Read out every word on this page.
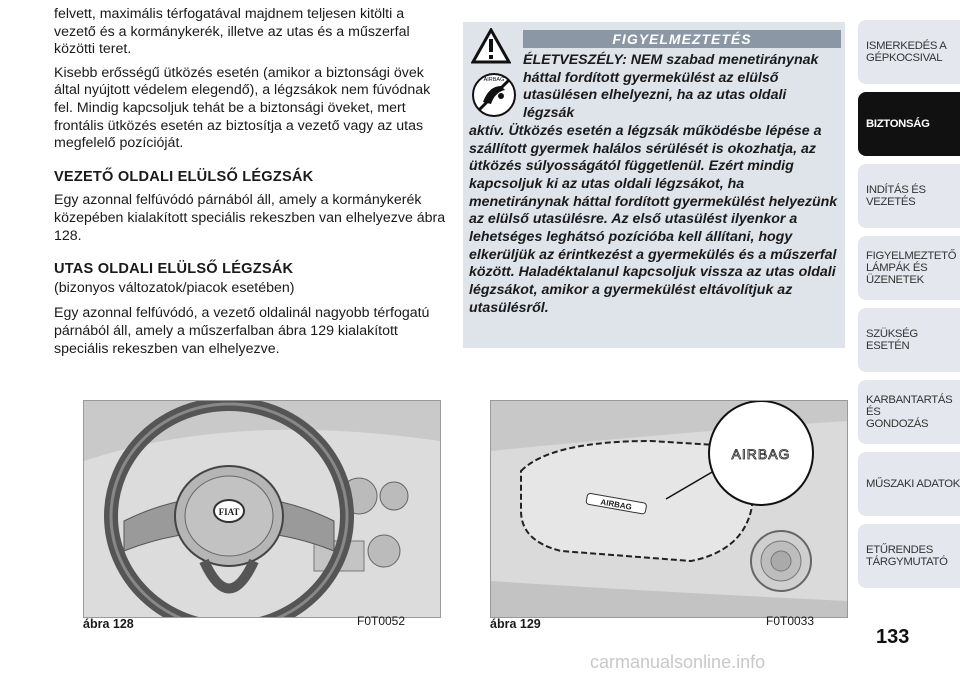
felvett, maximális térfogatával majdnem teljesen kitölti a vezető és a kormánykerék, illetve az utas és a műszerfal közötti teret.

Kisebb erősségű ütközés esetén (amikor a biztonsági övek által nyújtott védelem elegendő), a légzsákok nem fúvódnak fel. Mindig kapcsoljuk tehát be a biztonsági öveket, mert frontális ütközés esetén az biztosítja a vezető vagy az utas megfelelő pozícióját.

VEZETŐ OLDALI ELÜLSŐ LÉGZSÁK

Egy azonnal felfúvódó párnából áll, amely a kormánykerék közepében kialakított speciális rekeszben van elhelyezve ábra 128.

UTAS OLDALI ELÜLSŐ LÉGZSÁK

(bizonyos változatok/piacok esetében)

Egy azonnal felfúvódó, a vezető oldalinál nagyobb térfogatú párnából áll, amely a műszerfalban ábra 129 kialakított speciális rekeszben van elhelyezve.

FIGYELMEZTETÉS
AIRBAG
ÉLETVESZÉLY: NEM szabad menetiránynak háttal fordított gyermekülést az elülső utasülésen elhelyezni, ha az utas oldali légzsák
aktív. Ütközés esetén a légzsák működésbe lépése a szállított gyermek halálos sérülését is okozhatja, az ütközés súlyosságától függetlenül. Ezért mindig kapcsoljuk ki az utas oldali légzsákot, ha menetiránynak háttal fordított gyermekülést helyezünk az elülső utasülésre. Az első utasülést ilyenkor a lehetséges leghátsó pozícióba kell állítani, hogy elkerüljük az érintkezést a gyermekülés és a műszerfal között. Haladéktalanul kapcsoljuk vissza az utas oldali légzsákot, amikor a gyermekülést eltávolítjuk az utasülésről.
FIAT
ábra 128	F0T0052
AIRBAG
AIRBAG
ábra 129	F0T0033
ISMERKEDÉS A
GÉPKOCSIVAL
BIZTONSÁG
INDÍTÁS ÉS VEZETÉS
FIGYELMEZTETŐ
LÁMPÁK ÉS
ÜZENETEK
SZÜKSÉG ESETÉN
KARBANTARTÁS ÉS
GONDOZÁS
MŰSZAKI ADATOK
ETŰRENDES
TÁRGYMUTATÓ
133
carmanualsonline.info
